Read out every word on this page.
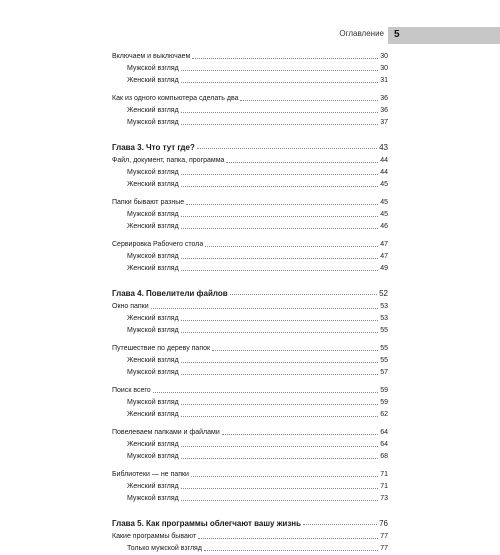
Оглавление 5
Включаем и выключаем	30
Мужской взгляд	30
Женский взгляд	31
Как из одного компьютера сделать два	36
Женский взгляд	36
Мужской взгляд	37
Глава 3. Что тут где?	43
Файл, документ, папка, программа	44
Мужской взгляд	44
Женский взгляд	45
Папки бывают разные	45
Мужской взгляд	45
Женский взгляд	46
Сервировка Рабочего стола	47
Мужской взгляд	47
Женский взгляд	49
Глава 4. Повелители файлов	52
Окно папки	53
Женский взгляд	53
Мужской взгляд	55
Путешествие по дереву папок	55
Женский взгляд	55
Мужской взгляд	57
Поиск всего	59
Мужской взгляд	59
Женский взгляд	62
Повелеваем папками и файлами	64
Женский взгляд	64
Мужской взгляд	68
Библиотеки — не папки	71
Женский взгляд	71
Мужской взгляд	73
Глава 5. Как программы облегчают вашу жизнь	76
Какие программы бывают	77
Только мужской взгляд	77
